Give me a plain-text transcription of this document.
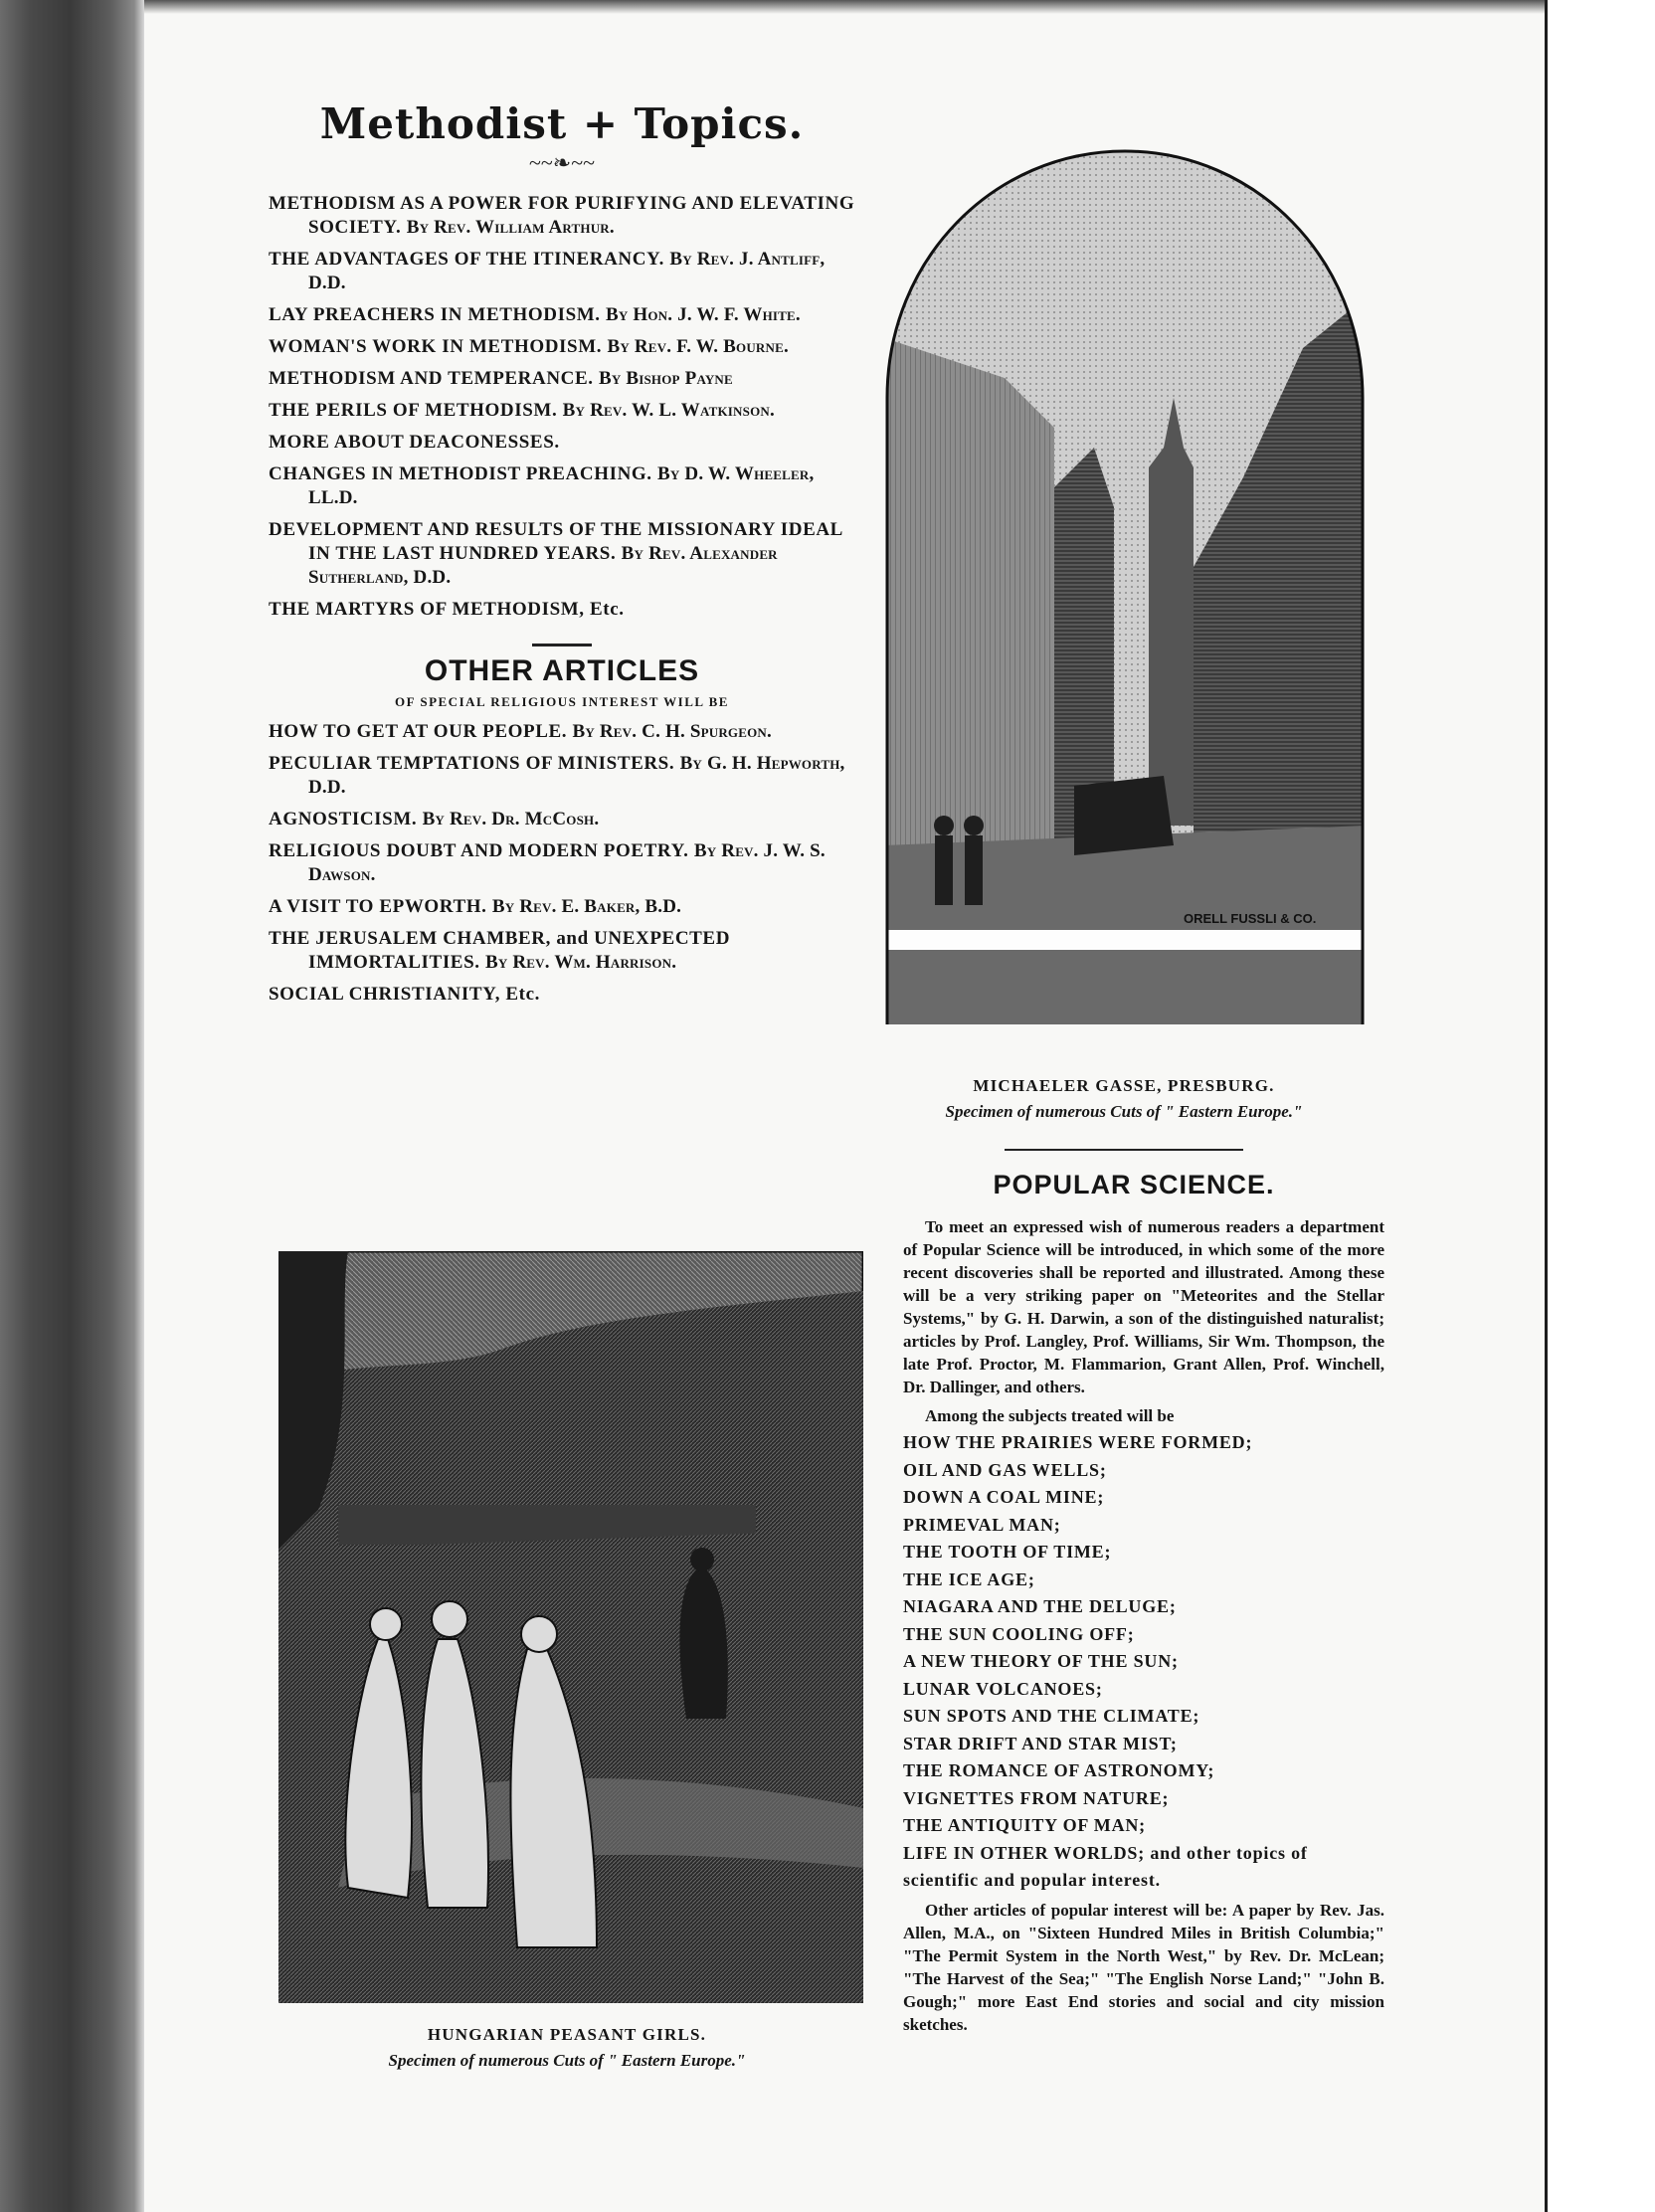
Methodist + Topics.
~~❧~~

METHODISM AS A POWER FOR PURIFYING AND ELEVATING SOCIETY. By Rev. William Arthur.

THE ADVANTAGES OF THE ITINERANCY. By Rev. J. Antliff, D.D.

LAY PREACHERS IN METHODISM. By Hon. J. W. F. White.

WOMAN'S WORK IN METHODISM. By Rev. F. W. Bourne.

METHODISM AND TEMPERANCE. By Bishop Payne

THE PERILS OF METHODISM. By Rev. W. L. Watkinson.

MORE ABOUT DEACONESSES.

CHANGES IN METHODIST PREACHING. By D. W. Wheeler, LL.D.

DEVELOPMENT AND RESULTS OF THE MISSIONARY IDEAL IN THE LAST HUNDRED YEARS. By Rev. Alexander Sutherland, D.D.

THE MARTYRS OF METHODISM, Etc.

OTHER ARTICLES
OF SPECIAL RELIGIOUS INTEREST WILL BE

HOW TO GET AT OUR PEOPLE. By Rev. C. H. Spurgeon.

PECULIAR TEMPTATIONS OF MINISTERS. By G. H. Hepworth, D.D.

AGNOSTICISM. By Rev. Dr. McCosh.

RELIGIOUS DOUBT AND MODERN POETRY. By Rev. J. W. S. Dawson.

A VISIT TO EPWORTH. By Rev. E. Baker, B.D.

THE JERUSALEM CHAMBER, and UNEXPECTED IMMORTALITIES. By Rev. Wm. Harrison.

SOCIAL CHRISTIANITY, Etc.

HUNGARIAN PEASANT GIRLS.

Specimen of numerous Cuts of " Eastern Europe."

ORELL FUSSLI & CO.

MICHAELER GASSE, PRESBURG.

Specimen of numerous Cuts of " Eastern Europe."

POPULAR SCIENCE.

To meet an expressed wish of numerous readers a department of Popular Science will be introduced, in which some of the more recent discoveries shall be reported and illustrated. Among these will be a very striking paper on "Meteorites and the Stellar Systems," by G. H. Darwin, a son of the distinguished naturalist; articles by Prof. Langley, Prof. Williams, Sir Wm. Thompson, the late Prof. Proctor, M. Flammarion, Grant Allen, Prof. Winchell, Dr. Dallinger, and others.

Among the subjects treated will be

HOW THE PRAIRIES WERE FORMED;
OIL AND GAS WELLS;
DOWN A COAL MINE;
PRIMEVAL MAN;
THE TOOTH OF TIME;
THE ICE AGE;
NIAGARA AND THE DELUGE;
THE SUN COOLING OFF;
A NEW THEORY OF THE SUN;
LUNAR VOLCANOES;
SUN SPOTS AND THE CLIMATE;
STAR DRIFT AND STAR MIST;
THE ROMANCE OF ASTRONOMY;
VIGNETTES FROM NATURE;
THE ANTIQUITY OF MAN;
LIFE IN OTHER WORLDS; and other topics of scientific and popular interest.

Other articles of popular interest will be: A paper by Rev. Jas. Allen, M.A., on "Sixteen Hundred Miles in British Columbia;" "The Permit System in the North West," by Rev. Dr. McLean; "The Harvest of the Sea;" "The English Norse Land;" "John B. Gough;" more East End stories and social and city mission sketches.
